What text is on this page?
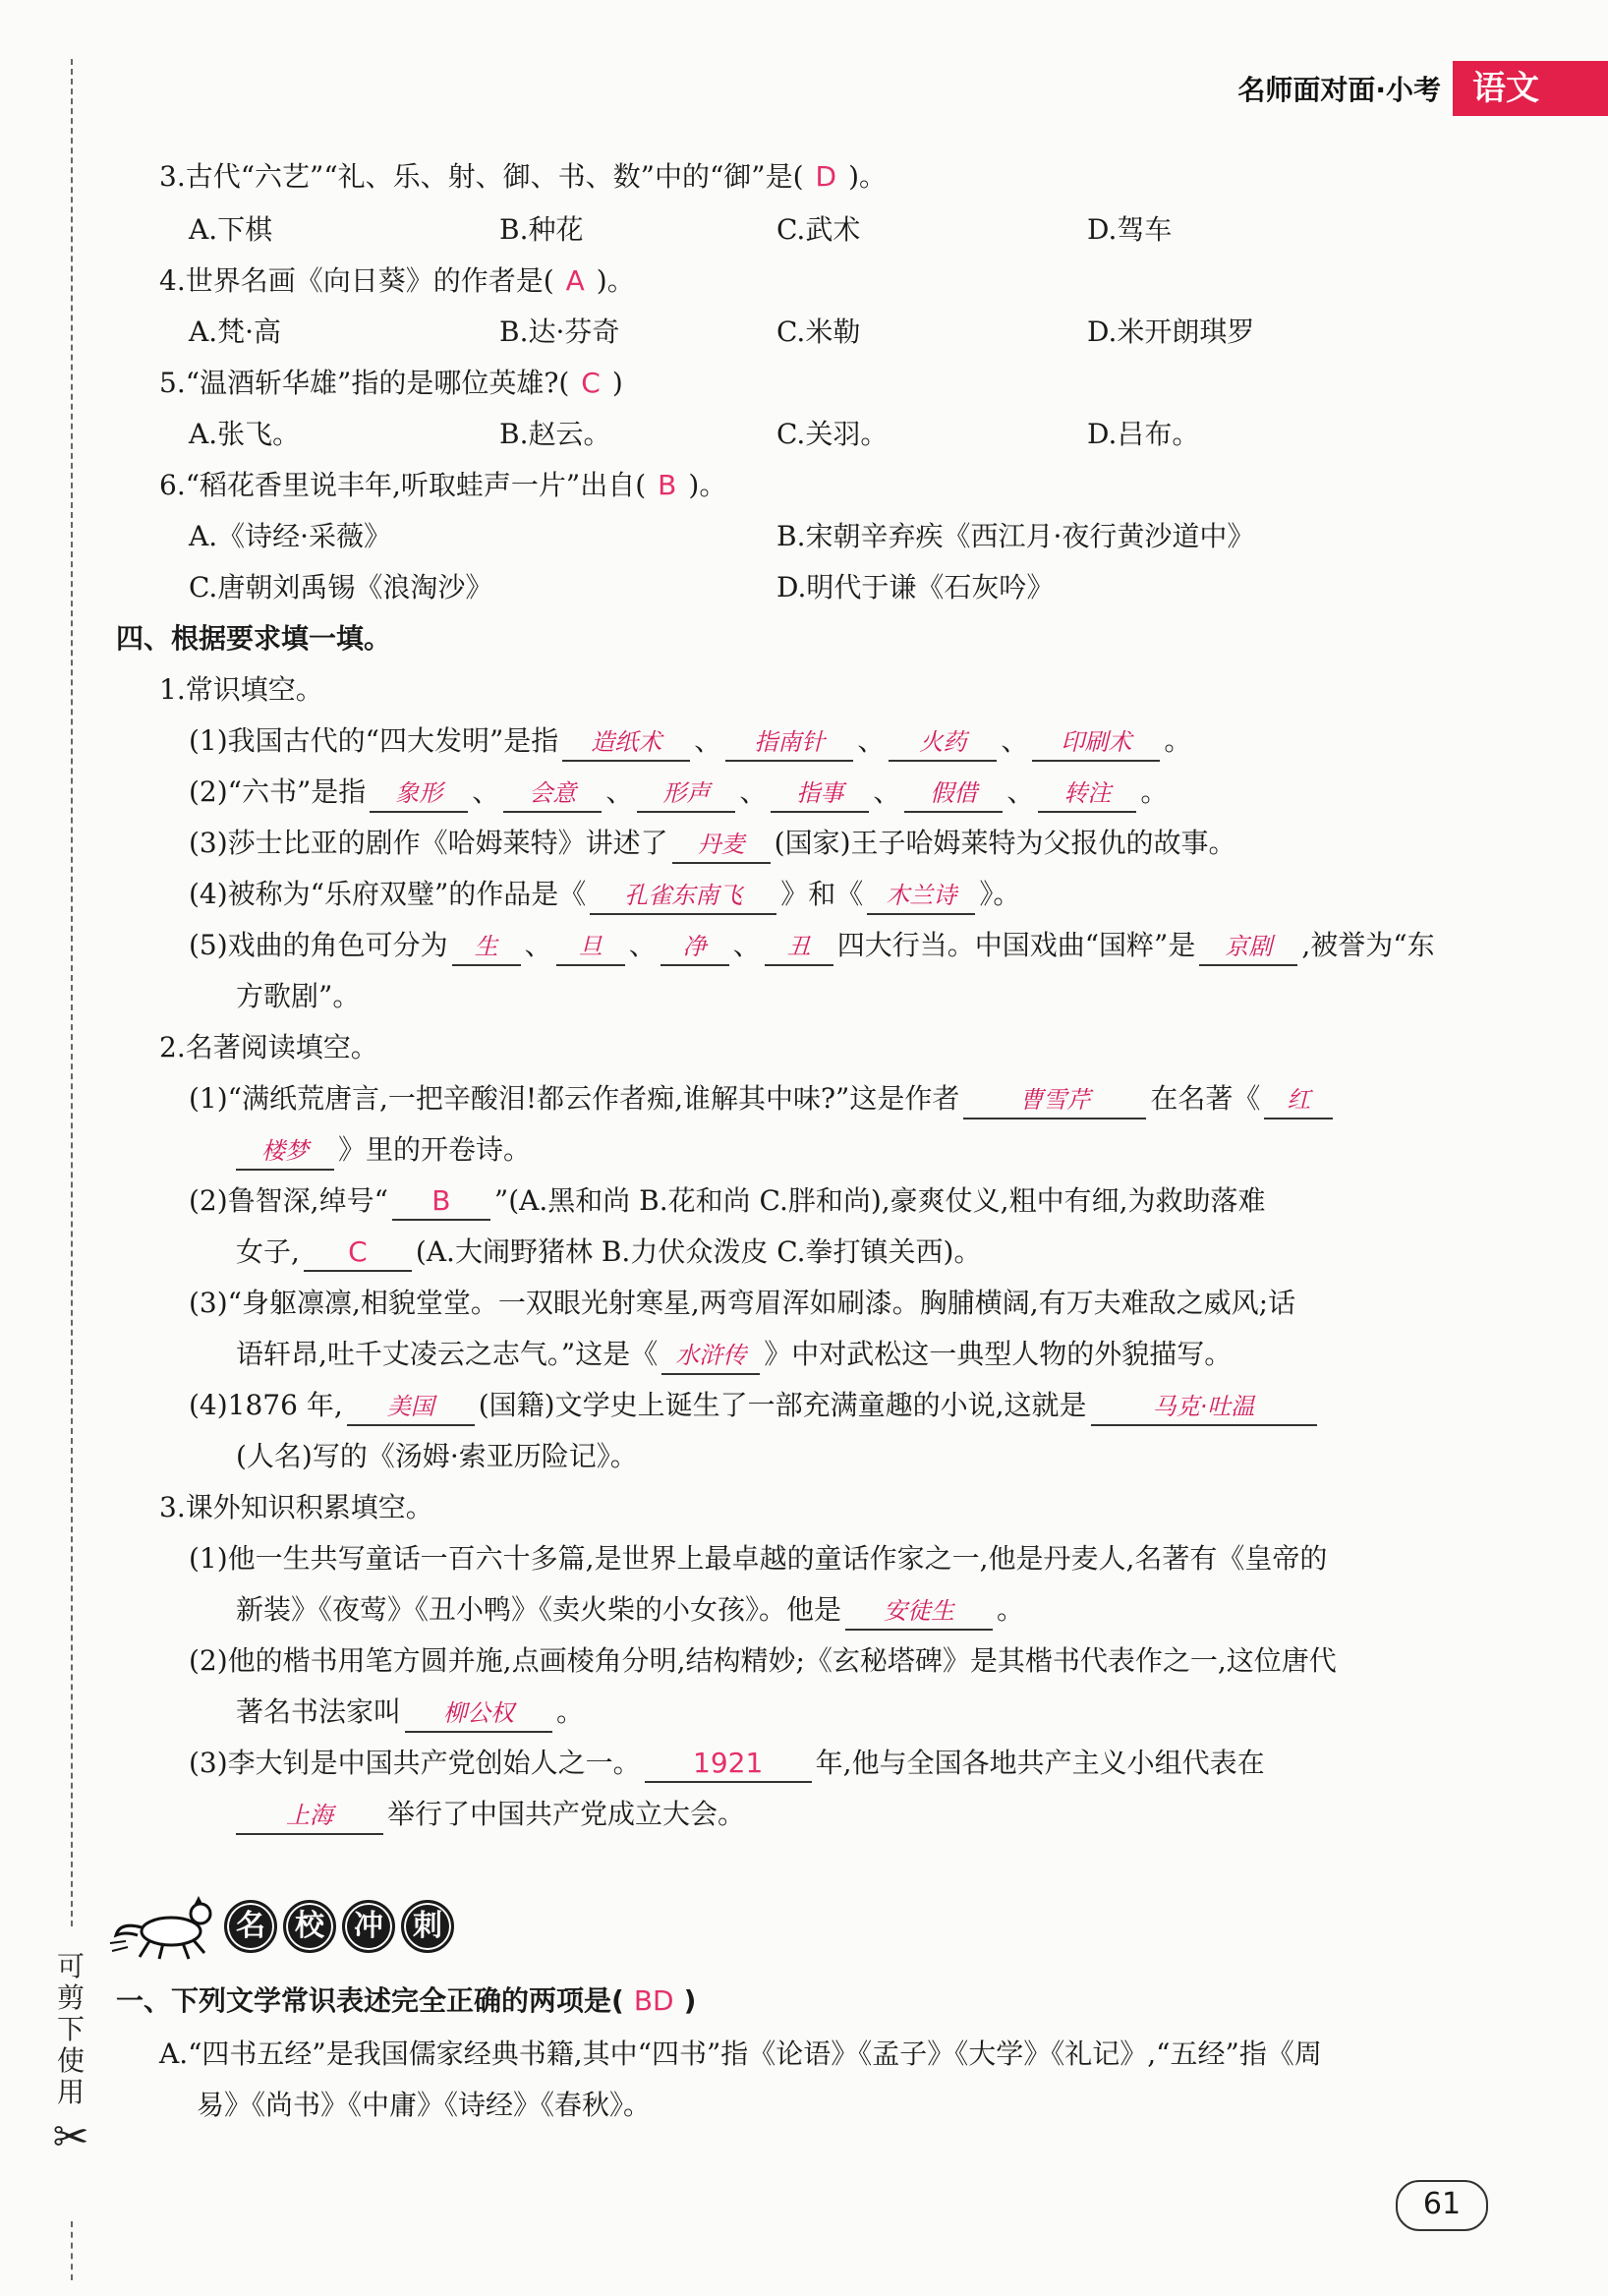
可
剪
下
使
用
✂
名师面对面·小考 语文
3.古代“六艺”“礼、乐、射、御、书、数”中的“御”是( D )。
A.下棋	B.种花	C.武术	D.驾车
4.世界名画《向日葵》的作者是( A )。
A.梵·高	B.达·芬奇	C.米勒	D.米开朗琪罗
5.“温酒斩华雄”指的是哪位英雄?( C )
A.张飞。	B.赵云。	C.关羽。	D.吕布。
6.“稻花香里说丰年,听取蛙声一片”出自( B )。
A.《诗经·采薇》	B.宋朝辛弃疾《西江月·夜行黄沙道中》
C.唐朝刘禹锡《浪淘沙》	D.明代于谦《石灰吟》
四、根据要求填一填。
1.常识填空。
(1)我国古代的“四大发明”是指 造纸术 、 指南针 、 火药 、 印刷术 。
(2)“六书”是指 象形 、 会意 、 形声 、 指事 、 假借 、 转注 。
(3)莎士比亚的剧作《哈姆莱特》讲述了 丹麦 (国家)王子哈姆莱特为父报仇的故事。
(4)被称为“乐府双璧”的作品是《 孔雀东南飞 》和《 木兰诗 》。
(5)戏曲的角色可分为 生 、 旦 、 净 、 丑 四大行当。中国戏曲“国粹”是 京剧 ,被誉为“东
方歌剧”。
2.名著阅读填空。
(1)“满纸荒唐言,一把辛酸泪!都云作者痴,谁解其中味?”这是作者	曹雪芹 在名著《 红
楼梦 》里的开卷诗。
(2)鲁智深,绰号“ B ”(A.黑和尚 B.花和尚 C.胖和尚),豪爽仗义,粗中有细,为救助落难
女子, C (A.大闹野猪林 B.力伏众泼皮 C.拳打镇关西)。
(3)“身躯凛凛,相貌堂堂。一双眼光射寒星,两弯眉浑如刷漆。胸脯横阔,有万夫难敌之威风;话
语轩昂,吐千丈凌云之志气。”这是《 水浒传 》中对武松这一典型人物的外貌描写。
(4)1876 年, 美国 (国籍)文学史上诞生了一部充满童趣的小说,这就是	马克·吐温
(人名)写的《汤姆·索亚历险记》。
3.课外知识积累填空。
(1)他一生共写童话一百六十多篇,是世界上最卓越的童话作家之一,他是丹麦人,名著有《皇帝的
新装》《夜莺》《丑小鸭》《卖火柴的小女孩》。他是 安徒生 。
(2)他的楷书用笔方圆并施,点画棱角分明,结构精妙;《玄秘塔碑》是其楷书代表作之一,这位唐代
著名书法家叫 柳公权 。
(3)李大钊是中国共产党创始人之一。 1921 年,他与全国各地共产主义小组代表在
上海 举行了中国共产党成立大会。
名	校	冲	刺
一、下列文学常识表述完全正确的两项是( BD )
A.“四书五经”是我国儒家经典书籍,其中“四书”指《论语》《孟子》《大学》《礼记》,“五经”指《周
易》《尚书》《中庸》《诗经》《春秋》。
61
